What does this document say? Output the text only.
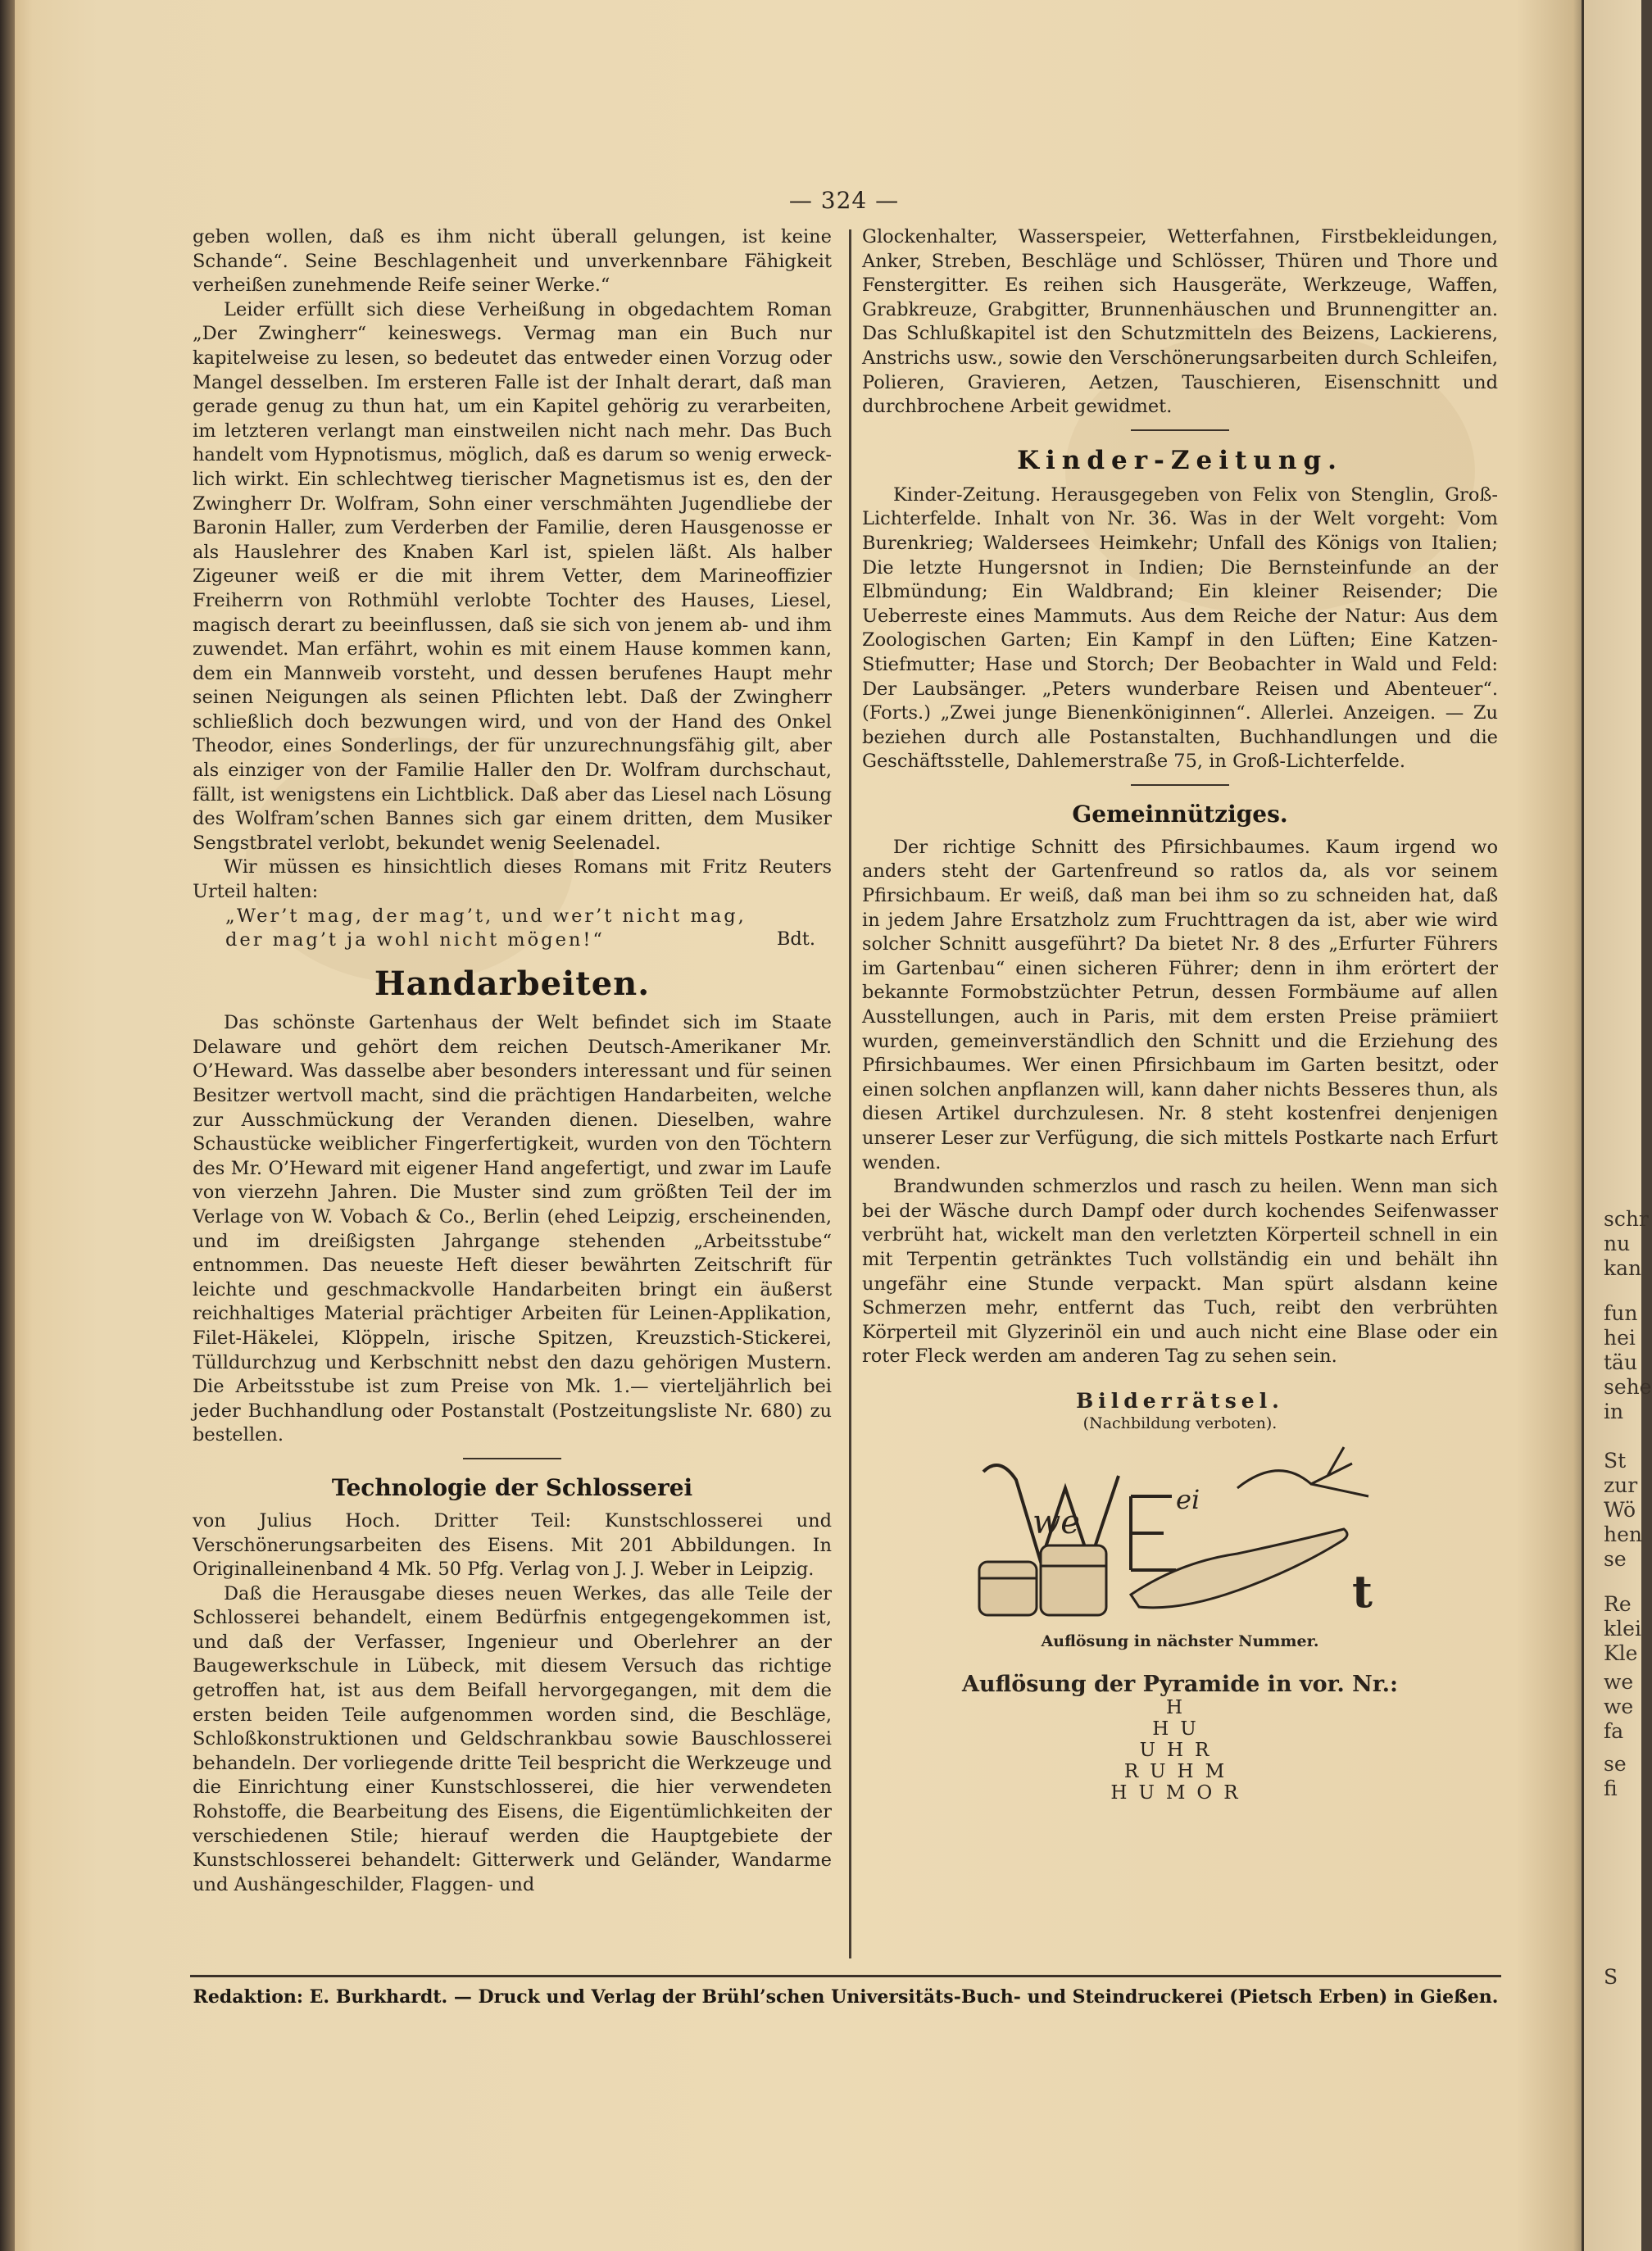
schr
nu
kan
fun
hei
täu
sehe
in
St
zur
Wö
hen
se
Re
klei
Kle
we
we
fa
se
fi
S
— 324 —

geben wollen, daß es ihm nicht überall gelungen, ist keine Schande“. Seine Beschlagenheit und unverkennbare Fähigkeit verheißen zunehmende Reife seiner Werke.“

Leider erfüllt sich diese Verheißung in obgedachtem Roman „Der Zwingherr“ keineswegs. Vermag man ein Buch nur kapitelweise zu lesen, so bedeutet das entweder einen Vorzug oder Mangel desselben. Im ersteren Falle ist der Inhalt derart, daß man gerade genug zu thun hat, um ein Kapitel gehörig zu verarbeiten, im letzteren verlangt man einstweilen nicht nach mehr. Das Buch handelt vom Hypnotismus, möglich, daß es darum so wenig erweck-lich wirkt. Ein schlechtweg tierischer Magnetismus ist es, den der Zwingherr Dr. Wolfram, Sohn einer verschmähten Jugendliebe der Baronin Haller, zum Verderben der Familie, deren Hausgenosse er als Hauslehrer des Knaben Karl ist, spielen läßt. Als halber Zigeuner weiß er die mit ihrem Vetter, dem Marineoffizier Freiherrn von Rothmühl verlobte Tochter des Hauses, Liesel, magisch derart zu beeinflussen, daß sie sich von jenem ab- und ihm zuwendet. Man erfährt, wohin es mit einem Hause kommen kann, dem ein Mannweib vorsteht, und dessen berufenes Haupt mehr seinen Neigungen als seinen Pflichten lebt. Daß der Zwingherr schließlich doch bezwungen wird, und von der Hand des Onkel Theodor, eines Sonderlings, der für unzurechnungsfähig gilt, aber als einziger von der Familie Haller den Dr. Wolfram durchschaut, fällt, ist wenigstens ein Lichtblick. Daß aber das Liesel nach Lösung des Wolfram’schen Bannes sich gar einem dritten, dem Musiker Sengstbratel verlobt, bekundet wenig Seelenadel.

Wir müssen es hinsichtlich dieses Romans mit Fritz Reuters Urteil halten:

„Wer’t mag, der mag’t, und wer’t nicht mag,
der mag’t ja wohl nicht mögen!“	Bdt.
Handarbeiten.

Das schönste Gartenhaus der Welt befindet sich im Staate Delaware und gehört dem reichen Deutsch-Amerikaner Mr. O’Heward. Was dasselbe aber besonders interessant und für seinen Besitzer wertvoll macht, sind die prächtigen Handarbeiten, welche zur Ausschmückung der Veranden dienen. Dieselben, wahre Schaustücke weiblicher Fingerfertigkeit, wurden von den Töchtern des Mr. O’Heward mit eigener Hand angefertigt, und zwar im Laufe von vierzehn Jahren. Die Muster sind zum größten Teil der im Verlage von W. Vobach & Co., Berlin (ehed Leipzig, erscheinenden, und im dreißigsten Jahrgange stehenden „Arbeitsstube“ entnommen. Das neueste Heft dieser bewährten Zeitschrift für leichte und geschmackvolle Handarbeiten bringt ein äußerst reichhaltiges Material prächtiger Arbeiten für Leinen-Applikation, Filet-Häkelei, Klöppeln, irische Spitzen, Kreuzstich-Stickerei, Tülldurchzug und Kerbschnitt nebst den dazu gehörigen Mustern. Die Arbeitsstube ist zum Preise von Mk. 1.— vierteljährlich bei jeder Buchhandlung oder Postanstalt (Postzeitungsliste Nr. 680) zu bestellen.

Technologie der Schlosserei

von Julius Hoch. Dritter Teil: Kunstschlosserei und Verschönerungsarbeiten des Eisens. Mit 201 Abbildungen. In Originalleinenband 4 Mk. 50 Pfg. Verlag von J. J. Weber in Leipzig.

Daß die Herausgabe dieses neuen Werkes, das alle Teile der Schlosserei behandelt, einem Bedürfnis entgegengekommen ist, und daß der Verfasser, Ingenieur und Oberlehrer an der Baugewerkschule in Lübeck, mit diesem Versuch das richtige getroffen hat, ist aus dem Beifall hervorgegangen, mit dem die ersten beiden Teile aufgenommen worden sind, die Beschläge, Schloßkonstruktionen und Geldschrankbau sowie Bauschlosserei behandeln. Der vorliegende dritte Teil bespricht die Werkzeuge und die Einrichtung einer Kunstschlosserei, die hier verwendeten Rohstoffe, die Bearbeitung des Eisens, die Eigentümlichkeiten der verschiedenen Stile; hierauf werden die Hauptgebiete der Kunstschlosserei behandelt: Gitterwerk und Geländer, Wandarme und Aushängeschilder, Flaggen- und

Glockenhalter, Wasserspeier, Wetterfahnen, Firstbekleidungen, Anker, Streben, Beschläge und Schlösser, Thüren und Thore und Fenstergitter. Es reihen sich Hausgeräte, Werkzeuge, Waffen, Grabkreuze, Grabgitter, Brunnenhäuschen und Brunnengitter an. Das Schlußkapitel ist den Schutzmitteln des Beizens, Lackierens, Anstrichs usw., sowie den Verschönerungsarbeiten durch Schleifen, Polieren, Gravieren, Aetzen, Tauschieren, Eisenschnitt und durchbrochene Arbeit gewidmet.

Kinder-Zeitung.

Kinder-Zeitung. Herausgegeben von Felix von Stenglin, Groß-Lichterfelde. Inhalt von Nr. 36. Was in der Welt vorgeht: Vom Burenkrieg; Waldersees Heimkehr; Unfall des Königs von Italien; Die letzte Hungersnot in Indien; Die Bernsteinfunde an der Elbmündung; Ein Waldbrand; Ein kleiner Reisender; Die Ueberreste eines Mammuts. Aus dem Reiche der Natur: Aus dem Zoologischen Garten; Ein Kampf in den Lüften; Eine Katzen-Stiefmutter; Hase und Storch; Der Beobachter in Wald und Feld: Der Laubsänger. „Peters wunderbare Reisen und Abenteuer“. (Forts.) „Zwei junge Bienenköniginnen“. Allerlei. Anzeigen. — Zu beziehen durch alle Postanstalten, Buchhandlungen und die Geschäftsstelle, Dahlemerstraße 75, in Groß-Lichterfelde.

Gemeinnütziges.

Der richtige Schnitt des Pfirsichbaumes. Kaum irgend wo anders steht der Gartenfreund so ratlos da, als vor seinem Pfirsichbaum. Er weiß, daß man bei ihm so zu schneiden hat, daß in jedem Jahre Ersatzholz zum Fruchttragen da ist, aber wie wird solcher Schnitt ausgeführt? Da bietet Nr. 8 des „Erfurter Führers im Gartenbau“ einen sicheren Führer; denn in ihm erörtert der bekannte Formobstzüchter Petrun, dessen Formbäume auf allen Ausstellungen, auch in Paris, mit dem ersten Preise prämiiert wurden, gemeinverständlich den Schnitt und die Erziehung des Pfirsichbaumes. Wer einen Pfirsichbaum im Garten besitzt, oder einen solchen anpflanzen will, kann daher nichts Besseres thun, als diesen Artikel durchzulesen. Nr. 8 steht kostenfrei denjenigen unserer Leser zur Verfügung, die sich mittels Postkarte nach Erfurt wenden.

Brandwunden schmerzlos und rasch zu heilen. Wenn man sich bei der Wäsche durch Dampf oder durch kochendes Seifenwasser verbrüht hat, wickelt man den verletzten Körperteil schnell in ein mit Terpentin getränktes Tuch vollständig ein und behält ihn ungefähr eine Stunde verpackt. Man spürt alsdann keine Schmerzen mehr, entfernt das Tuch, reibt den verbrühten Körperteil mit Glyzerinöl ein und auch nicht eine Blase oder ein roter Fleck werden am anderen Tag zu sehen sein.

Bilderrätsel.
(Nachbildung verboten).
we
ei
t
Auflösung in nächster Nummer.
Auflösung der Pyramide in vor. Nr.:
H
HU
UHR
RUHM
HUMOR
Redaktion: E. Burkhardt. — Druck und Verlag der Brühl’schen Universitäts-Buch- und Steindruckerei (Pietsch Erben) in Gießen.
